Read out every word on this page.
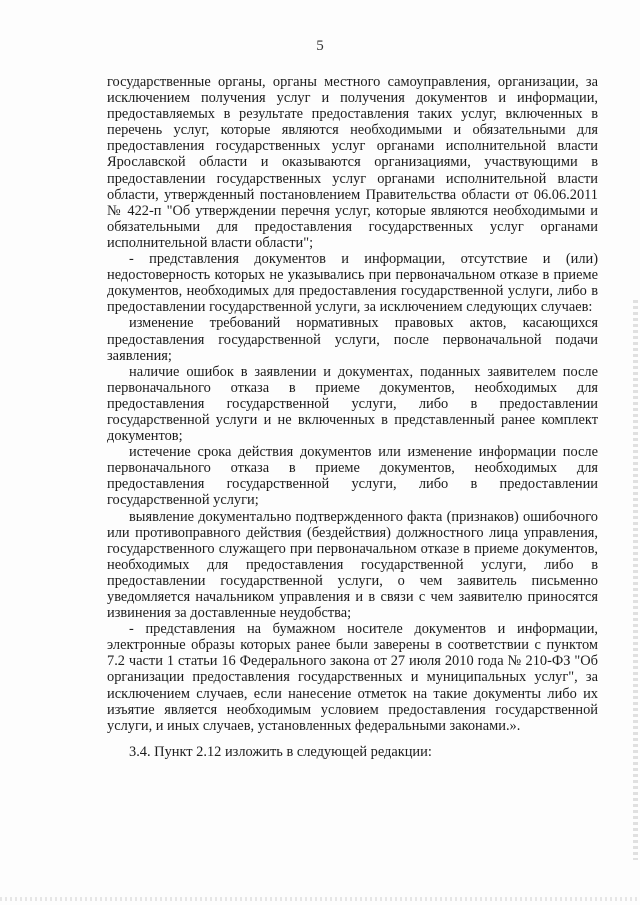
5

государственные органы, органы местного самоуправления, организации, за исключением получения услуг и получения документов и информации, предоставляемых в результате предоставления таких услуг, включенных в перечень услуг, которые являются необходимыми и обязательными для предоставления государственных услуг органами исполнительной власти Ярославской области и оказываются организациями, участвующими в предоставлении государственных услуг органами исполнительной власти области, утвержденный постановлением Правительства области от 06.06.2011 № 422-п "Об утверждении перечня услуг, которые являются необходимыми и обязательными для предоставления государственных услуг органами исполнительной власти области";

- представления документов и информации, отсутствие и (или) недостоверность которых не указывались при первоначальном отказе в приеме документов, необходимых для предоставления государственной услуги, либо в предоставлении государственной услуги, за исключением следующих случаев:

изменение требований нормативных правовых актов, касающихся предоставления государственной услуги, после первоначальной подачи заявления;

наличие ошибок в заявлении и документах, поданных заявителем после первоначального отказа в приеме документов, необходимых для предоставления государственной услуги, либо в предоставлении государственной услуги и не включенных в представленный ранее комплект документов;

истечение срока действия документов или изменение информации после первоначального отказа в приеме документов, необходимых для предоставления государственной услуги, либо в предоставлении государственной услуги;

выявление документально подтвержденного факта (признаков) ошибочного или противоправного действия (бездействия) должностного лица управления, государственного служащего при первоначальном отказе в приеме документов, необходимых для предоставления государственной услуги, либо в предоставлении государственной услуги, о чем заявитель письменно уведомляется начальником управления и в связи с чем заявителю приносятся извинения за доставленные неудобства;

- представления на бумажном носителе документов и информации, электронные образы которых ранее были заверены в соответствии с пунктом 7.2 части 1 статьи 16 Федерального закона от 27 июля 2010 года № 210-ФЗ "Об организации предоставления государственных и муниципальных услуг", за исключением случаев, если нанесение отметок на такие документы либо их изъятие является необходимым условием предоставления государственной услуги, и иных случаев, установленных федеральными законами.».

3.4. Пункт 2.12 изложить в следующей редакции:
